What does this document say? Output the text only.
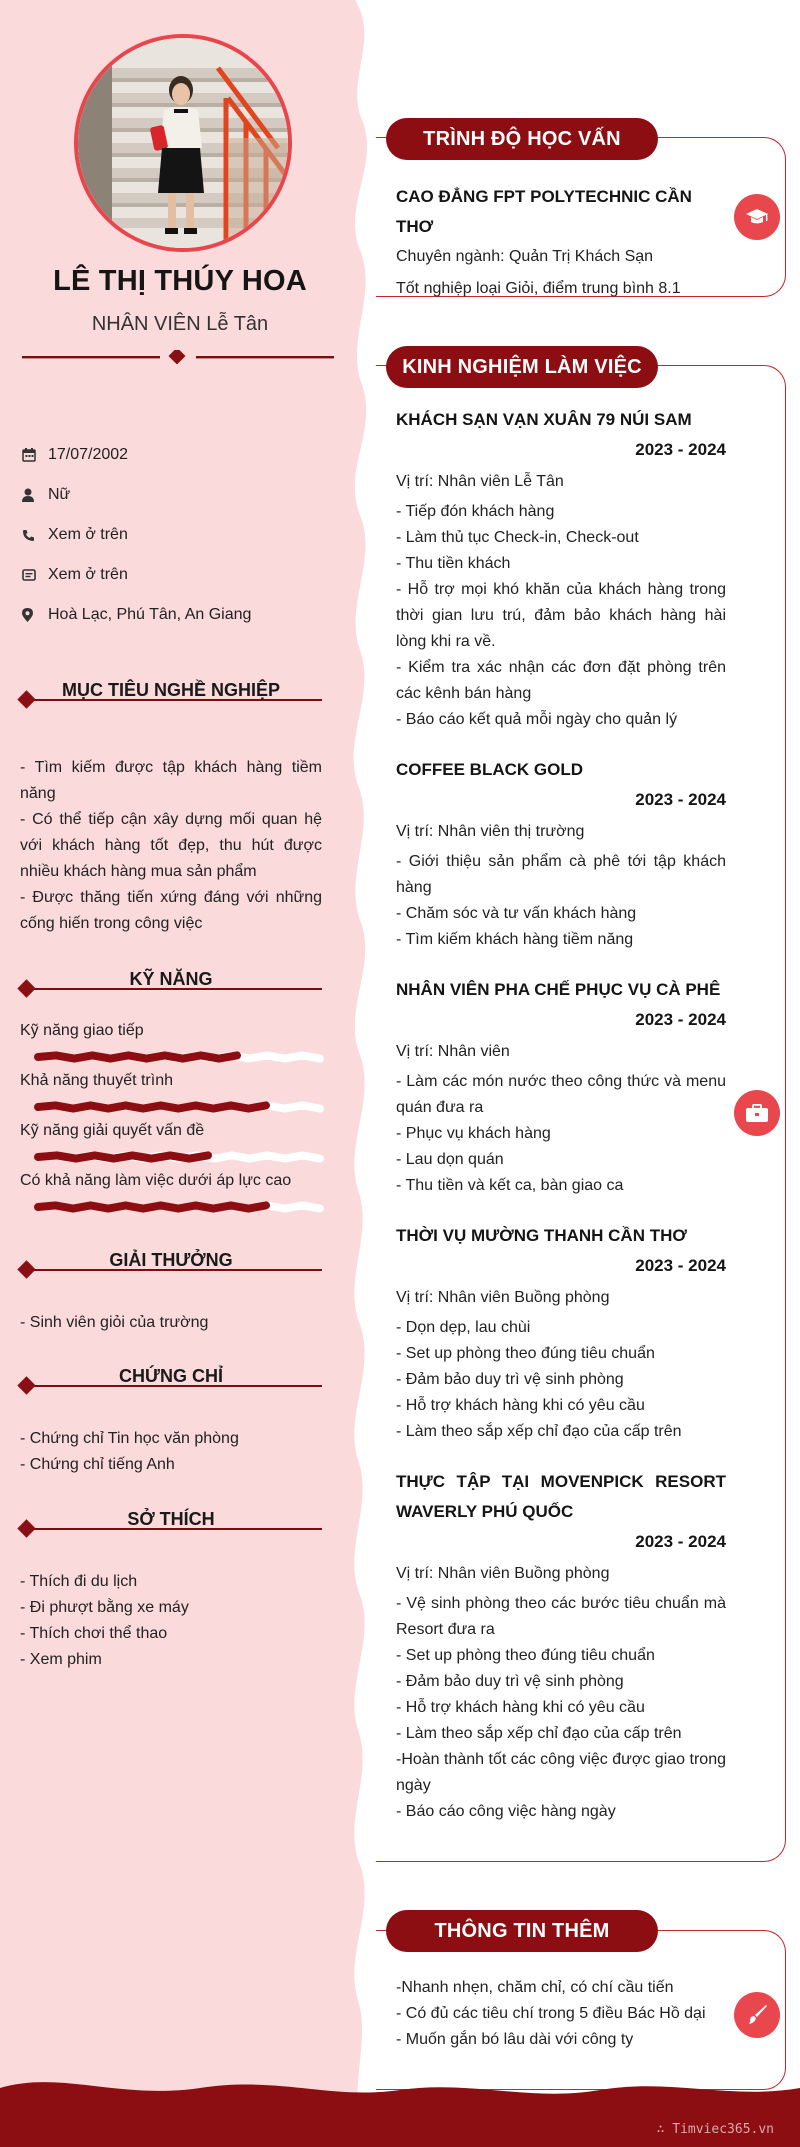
LÊ THỊ THÚY HOA
NHÂN VIÊN Lễ Tân
17/07/2002
Nữ
Xem ở trên
Xem ở trên
Hoà Lạc, Phú Tân, An Giang
MỤC TIÊU NGHỀ NGHIỆP

- Tìm kiếm được tập khách hàng tiềm năng

- Có thể tiếp cận xây dựng mối quan hệ với khách hàng tốt đẹp, thu hút được nhiều khách hàng mua sản phẩm

- Được thăng tiến xứng đáng với những cống hiến trong công việc

KỸ NĂNG
Kỹ năng giao tiếp
Khả năng thuyết trình
Kỹ năng giải quyết vấn đề
Có khả năng làm việc dưới áp lực cao
GIẢI THƯỞNG

- Sinh viên giỏi của trường

CHỨNG CHỈ

- Chứng chỉ Tin học văn phòng

- Chứng chỉ tiếng Anh

SỞ THÍCH

- Thích đi du lịch

- Đi phượt bằng xe máy

- Thích chơi thể thao

- Xem phim

TRÌNH ĐỘ HỌC VẤN
CAO ĐẲNG FPT POLYTECHNIC CẦN THƠ
Chuyên ngành: Quản Trị Khách Sạn
Tốt nghiệp loại Giỏi, điểm trung bình 8.1
KINH NGHIỆM LÀM VIỆC
KHÁCH SẠN VẠN XUÂN 79 NÚI SAM
2023 - 2024
Vị trí: Nhân viên Lễ Tân
- Tiếp đón khách hàng
- Làm thủ tục Check-in, Check-out
- Thu tiền khách
- Hỗ trợ mọi khó khăn của khách hàng trong thời gian lưu trú, đảm bảo khách hàng hài lòng khi ra về.
- Kiểm tra xác nhận các đơn đặt phòng trên các kênh bán hàng
- Báo cáo kết quả mỗi ngày cho quản lý
COFFEE BLACK GOLD
2023 - 2024
Vị trí: Nhân viên thị trường
- Giới thiệu sản phẩm cà phê tới tập khách hàng
- Chăm sóc và tư vấn khách hàng
- Tìm kiếm khách hàng tiềm năng
NHÂN VIÊN PHA CHẾ PHỤC VỤ CÀ PHÊ
2023 - 2024
Vị trí: Nhân viên
- Làm các món nước theo công thức và menu quán đưa ra
- Phục vụ khách hàng
- Lau dọn quán
- Thu tiền và kết ca, bàn giao ca
THỜI VỤ MƯỜNG THANH CẦN THƠ
2023 - 2024
Vị trí: Nhân viên Buồng phòng
- Dọn dẹp, lau chùi
- Set up phòng theo đúng tiêu chuẩn
- Đảm bảo duy trì vệ sinh phòng
- Hỗ trợ khách hàng khi có yêu cầu
- Làm theo sắp xếp chỉ đạo của cấp trên
THỰC TẬP TẠI MOVENPICK RESORT WAVERLY PHÚ QUỐC
2023 - 2024
Vị trí: Nhân viên Buồng phòng
- Vệ sinh phòng theo các bước tiêu chuẩn mà Resort đưa ra
- Set up phòng theo đúng tiêu chuẩn
- Đảm bảo duy trì vệ sinh phòng
- Hỗ trợ khách hàng khi có yêu cầu
- Làm theo sắp xếp chỉ đạo của cấp trên
-Hoàn thành tốt các công việc được giao trong ngày
- Báo cáo công việc hàng ngày
THÔNG TIN THÊM
-Nhanh nhẹn, chăm chỉ, có chí cầu tiến
- Có đủ các tiêu chí trong 5 điều Bác Hồ dại
- Muốn gắn bó lâu dài với công ty
∴ Timviec365.vn
